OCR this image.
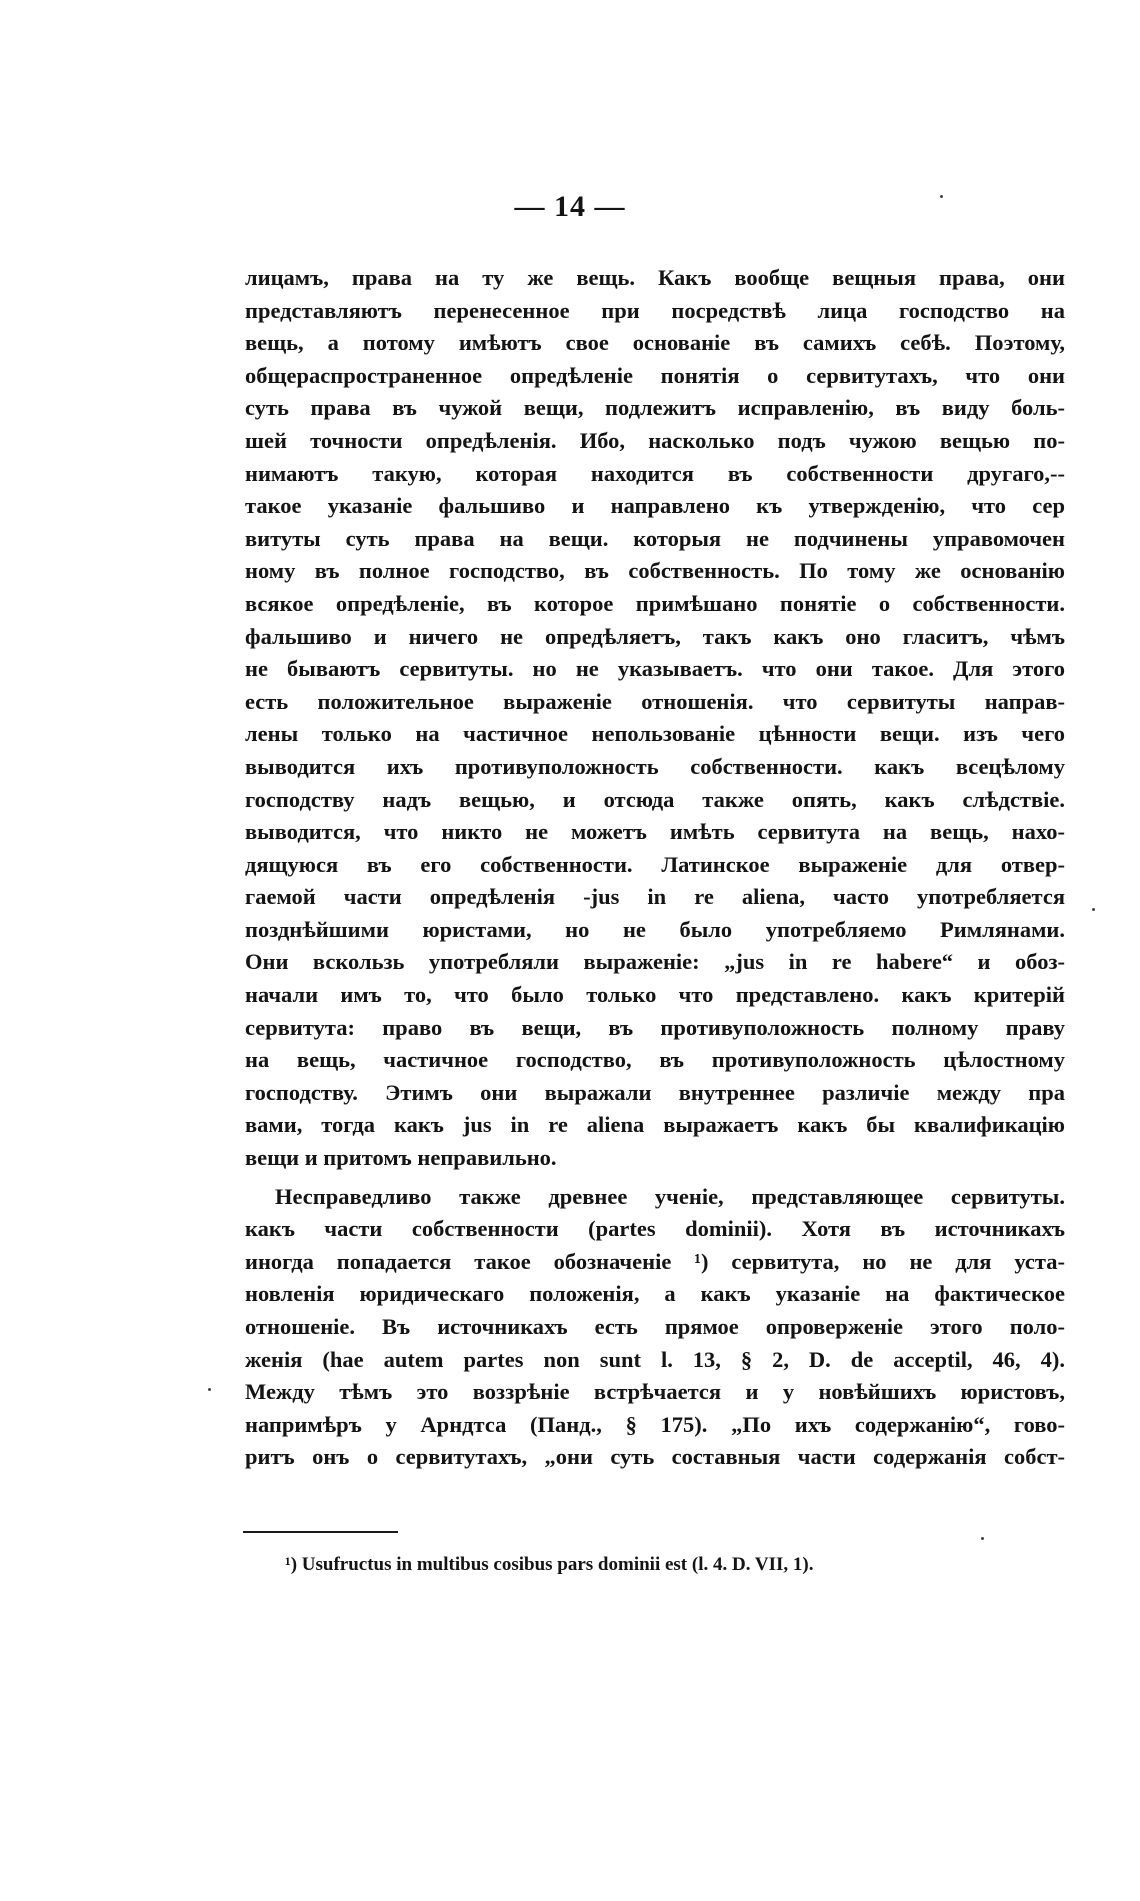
— 14 —
лицамъ, права на ту же вещь. Какъ вообще вещныя права, они
представляютъ перенесенное при посредствѣ лица господство на
вещь, а потому имѣютъ свое основаніе въ самихъ себѣ. Поэтому,
общераспространенное опредѣленіе понятія о сервитутахъ, что они
суть права въ чужой вещи, подлежитъ исправленію, въ виду боль-
шей точности опредѣленія. Ибо, насколько подъ чужою вещью по-
нимаютъ такую, которая находится въ собственности другаго,--
такое указаніе фальшиво и направлено къ утвержденію, что сер
витуты суть права на вещи. которыя не подчинены управомочен
ному въ полное господство, въ собственность. По тому же основанію
всякое опредѣленіе, въ которое примѣшано понятіе о собственности.
фальшиво и ничего не опредѣляетъ, такъ какъ оно гласитъ, чѣмъ
не бываютъ сервитуты. но не указываетъ. что они такое. Для этого
есть положительное выраженіе отношенія. что сервитуты направ-
лены только на частичное непользованіе цѣнности вещи. изъ чего
выводится ихъ противуположность собственности. какъ всецѣлому
господству надъ вещью, и отсюда также опять, какъ слѣдствіе.
выводится, что никто не можетъ имѣть сервитута на вещь, нахо-
дящуюся въ его собственности. Латинское выраженіе для отвер-
гаемой части опредѣленія -jus in re aliena, часто употребляется
позднѣйшими юристами, но не было употребляемо Римлянами.
Они вскользь употребляли выраженіе: „jus in re habere“ и обоз-
начали имъ то, что было только что представлено. какъ критерій
сервитута: право въ вещи, въ противуположность полному праву
на вещь, частичное господство, въ противуположность цѣлостному
господству. Этимъ они выражали внутреннее различіе между пра
вами, тогда какъ jus in re aliena выражаетъ какъ бы квалификацію
вещи и притомъ неправильно.
Несправедливо также древнее ученіе, представляющее сервитуты.
какъ части собственности (partes dominii). Хотя въ источникахъ
иногда попадается такое обозначеніе ¹) сервитута, но не для уста-
новленія юридическаго положенія, а какъ указаніе на фактическое
отношеніе. Въ источникахъ есть прямое опроверженіе этого поло-
женія (hae autem partes non sunt l. 13, § 2, D. de acceptil, 46, 4).
Между тѣмъ это воззрѣніе встрѣчается и у новѣйшихъ юристовъ,
напримѣръ у Арндтса (Панд., § 175). „По ихъ содержанію“, гово-
ритъ онъ о сервитутахъ, „они суть составныя части содержанія собст-
¹) Usufructus in multibus cosibus pars dominii est (l. 4. D. VII, 1).
